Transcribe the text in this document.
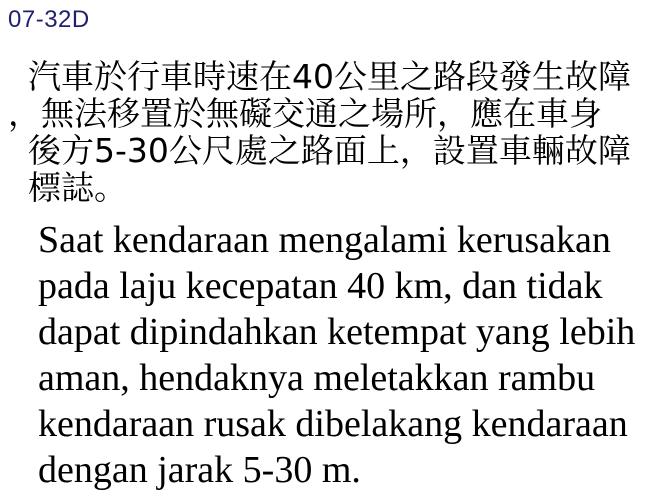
07-32D
汽車於行車時速在40公里之路段發生故障
，無法移置於無礙交通之場所，應在車身
後方5-30公尺處之路面上，設置車輛故障
標誌。
Saat kendaraan mengalami kerusakan
pada laju kecepatan 40 km, dan tidak
dapat dipindahkan ketempat yang lebih
aman, hendaknya meletakkan rambu
kendaraan rusak dibelakang kendaraan
dengan jarak 5-30 m.
